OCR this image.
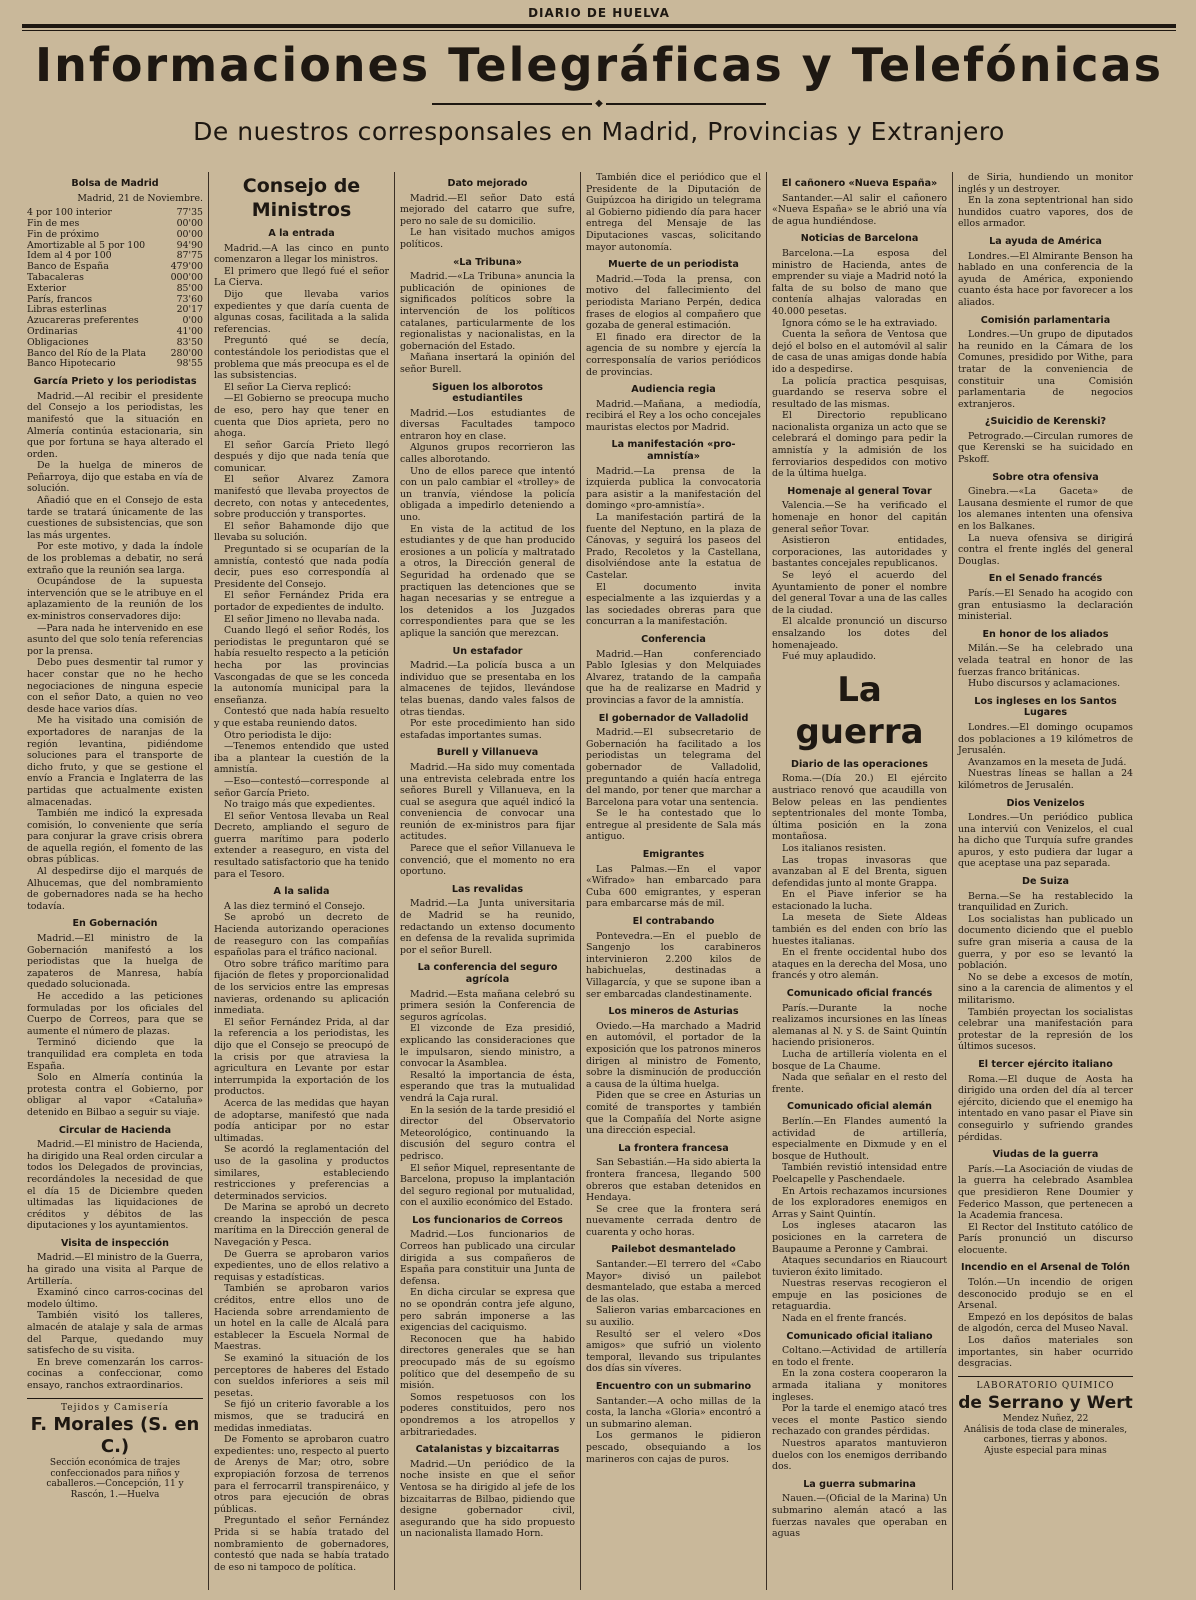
DIARIO DE HUELVA
Informaciones Telegráficas y Telefónicas
◆
De nuestros corresponsales en Madrid, Provincias y Extranjero
Bolsa de Madrid
Madrid, 21 de Noviembre.
4 por 100 interior	77'35
Fin de mes	00'00
Fin de próximo	00'00
Amortizable al 5 por 100	94'90
Idem al 4 por 100	87'75
Banco de España	479'00
Tabacaleras	000'00
Exterior	85'00
París, francos	73'60
Libras esterlinas	20'17
Azucareras preferentes	0'00
Ordinarias	41'00
Obligaciones	83'50
Banco del Río de la Plata	280'00
Banco Hipotecario	98'55
García Prieto y los periodistas

Madrid.—Al recibir el presidente del Consejo a los periodistas, les manifestó que la situación en Almería continúa estacionaria, sin que por fortuna se haya alterado el orden.

De la huelga de mineros de Peñarroya, dijo que estaba en vía de solución.

Añadió que en el Consejo de esta tarde se tratará únicamente de las cuestiones de subsistencias, que son las más urgentes.

Por este motivo, y dada la índole de los problemas a debatir, no será extraño que la reunión sea larga.

Ocupándose de la supuesta intervención que se le atribuye en el aplazamiento de la reunión de los ex-ministros conservadores dijo:

—Para nada he intervenido en ese asunto del que solo tenía referencias por la prensa.

Debo pues desmentir tal rumor y hacer constar que no he hecho negociaciones de ninguna especie con el señor Dato, a quien no veo desde hace varios días.

Me ha visitado una comisión de exportadores de naranjas de la región levantina, pidiéndome soluciones para el transporte de dicho fruto, y que se gestione el envío a Francia e Inglaterra de las partidas que actualmente existen almacenadas.

También me indicó la expresada comisión, lo conveniente que sería para conjurar la grave crisis obrera de aquella región, el fomento de las obras públicas.

Al despedirse dijo el marqués de Alhucemas, que del nombramiento de gobernadores nada se ha hecho todavía.

En Gobernación

Madrid.—El ministro de la Gobernación manifestó a los periodistas que la huelga de zapateros de Manresa, había quedado solucionada.

He accedido a las peticiones formuladas por los oficiales del Cuerpo de Correos, para que se aumente el número de plazas.

Terminó diciendo que la tranquilidad era completa en toda España.

Solo en Almería continúa la protesta contra el Gobierno, por obligar al vapor «Cataluña» detenido en Bilbao a seguir su viaje.

Circular de Hacienda

Madrid.—El ministro de Hacienda, ha dirigido una Real orden circular a todos los Delegados de provincias, recordándoles la necesidad de que el día 15 de Diciembre queden ultimadas las liquidaciones de créditos y débitos de las diputaciones y los ayuntamientos.

Visita de inspección

Madrid.—El ministro de la Guerra, ha girado una visita al Parque de Artillería.

Examinó cinco carros-cocinas del modelo último.

También visitó los talleres, almacén de atalaje y sala de armas del Parque, quedando muy satisfecho de su visita.

En breve comenzarán los carros-cocinas a confeccionar, como ensayo, ranchos extraordinarios.

Tejidos y Camisería
F. Morales (S. en C.)
Sección económica de trajes confeccionados para niños y caballeros.—Concepción, 11 y Rascón, 1.—Huelva
Consejo de Ministros
A la entrada

Madrid.—A las cinco en punto comenzaron a llegar los ministros.

El primero que llegó fué el señor La Cierva.

Dijo que llevaba varios expedientes y que daría cuenta de algunas cosas, facilitada a la salida referencias.

Preguntó qué se decía, contestándole los periodistas que el problema que más preocupa es el de las subsistencias.

El señor La Cierva replicó:

—El Gobierno se preocupa mucho de eso, pero hay que tener en cuenta que Dios aprieta, pero no ahoga.

El señor García Prieto llegó después y dijo que nada tenía que comunicar.

El señor Alvarez Zamora manifestó que llevaba proyectos de decreto, con notas y antecedentes, sobre producción y transportes.

El señor Bahamonde dijo que llevaba su solución.

Preguntado si se ocuparían de la amnistía, contestó que nada podía decir, pues eso correspondía al Presidente del Consejo.

El señor Fernández Prida era portador de expedientes de indulto.

El señor Jimeno no llevaba nada.

Cuando llegó el señor Rodés, los periodistas le preguntaron qué se había resuelto respecto a la petición hecha por las provincias Vascongadas de que se les conceda la autonomía municipal para la enseñanza.

Contestó que nada había resuelto y que estaba reuniendo datos.

Otro periodista le dijo:

—Tenemos entendido que usted iba a plantear la cuestión de la amnistía.

—Eso—contestó—corresponde al señor García Prieto.

No traigo más que expedientes.

El señor Ventosa llevaba un Real Decreto, ampliando el seguro de guerra marítimo para poderlo extender a reaseguro, en vista del resultado satisfactorio que ha tenido para el Tesoro.

A la salida

A las diez terminó el Consejo.

Se aprobó un decreto de Hacienda autorizando operaciones de reaseguro con las compañías españolas para el tráfico nacional.

Otro sobre tráfico marítimo para fijación de fletes y proporcionalidad de los servicios entre las empresas navieras, ordenando su aplicación inmediata.

El señor Fernández Prida, al dar la referencia a los periodistas, les dijo que el Consejo se preocupó de la crisis por que atraviesa la agricultura en Levante por estar interrumpida la exportación de los productos.

Acerca de las medidas que hayan de adoptarse, manifestó que nada podía anticipar por no estar ultimadas.

Se acordó la reglamentación del uso de la gasolina y productos similares, estableciendo restricciones y preferencias a determinados servicios.

De Marina se aprobó un decreto creando la inspección de pesca marítima en la Dirección general de Navegación y Pesca.

De Guerra se aprobaron varios expedientes, uno de ellos relativo a requisas y estadísticas.

También se aprobaron varios créditos, entre ellos uno de Hacienda sobre arrendamiento de un hotel en la calle de Alcalá para establecer la Escuela Normal de Maestras.

Se examinó la situación de los perceptores de haberes del Estado con sueldos inferiores a seis mil pesetas.

Se fijó un criterio favorable a los mismos, que se traducirá en medidas inmediatas.

De Fomento se aprobaron cuatro expedientes: uno, respecto al puerto de Arenys de Mar; otro, sobre expropiación forzosa de terrenos para el ferrocarril transpirenáico, y otros para ejecución de obras públicas.

Preguntado el señor Fernández Prida si se había tratado del nombramiento de gobernadores, contestó que nada se había tratado de eso ni tampoco de política.

Dato mejorado

Madrid.—El señor Dato está mejorado del catarro que sufre, pero no sale de su domicilio.

Le han visitado muchos amigos políticos.

«La Tribuna»

Madrid.—«La Tribuna» anuncia la publicación de opiniones de significados políticos sobre la intervención de los políticos catalanes, particularmente de los regionalistas y nacionalistas, en la gobernación del Estado.

Mañana insertará la opinión del señor Burell.

Siguen los alborotos estudiantiles

Madrid.—Los estudiantes de diversas Facultades tampoco entraron hoy en clase.

Algunos grupos recorrieron las calles alborotando.

Uno de ellos parece que intentó con un palo cambiar el «trolley» de un tranvía, viéndose la policía obligada a impedirlo deteniendo a uno.

En vista de la actitud de los estudiantes y de que han producido erosiones a un policía y maltratado a otros, la Dirección general de Seguridad ha ordenado que se practiquen las detenciones que se hagan necesarias y se entregue a los detenidos a los Juzgados correspondientes para que se les aplique la sanción que merezcan.

Un estafador

Madrid.—La policía busca a un individuo que se presentaba en los almacenes de tejidos, llevándose telas buenas, dando vales falsos de otras tiendas.

Por este procedimiento han sido estafadas importantes sumas.

Burell y Villanueva

Madrid.—Ha sido muy comentada una entrevista celebrada entre los señores Burell y Villanueva, en la cual se asegura que aquél indicó la conveniencia de convocar una reunión de ex-ministros para fijar actitudes.

Parece que el señor Villanueva le convenció, que el momento no era oportuno.

Las revalidas

Madrid.—La Junta universitaria de Madrid se ha reunido, redactando un extenso documento en defensa de la revalida suprimida por el señor Burell.

La conferencia del seguro agrícola

Madrid.—Esta mañana celebró su primera sesión la Conferencia de seguros agrícolas.

El vizconde de Eza presidió, explicando las consideraciones que le impulsaron, siendo ministro, a convocar la Asamblea.

Resaltó la importancia de ésta, esperando que tras la mutualidad vendrá la Caja rural.

En la sesión de la tarde presidió el director del Observatorio Meteorológico, continuando la discusión del seguro contra el pedrisco.

El señor Miquel, representante de Barcelona, propuso la implantación del seguro regional por mutualidad, con el auxilio económico del Estado.

Los funcionarios de Correos

Madrid.—Los funcionarios de Correos han publicado una circular dirigida a sus compañeros de España para constituir una Junta de defensa.

En dicha circular se expresa que no se opondrán contra jefe alguno, pero sabrán imponerse a las exigencias del caciquismo.

Reconocen que ha habido directores generales que se han preocupado más de su egoísmo político que del desempeño de su misión.

Somos respetuosos con los poderes constituidos, pero nos opondremos a los atropellos y arbitrariedades.

Catalanistas y bizcaitarras

Madrid.—Un periódico de la noche insiste en que el señor Ventosa se ha dirigido al jefe de los bizcaitarras de Bilbao, pidiendo que designe gobernador civil, asegurando que ha sido propuesto un nacionalista llamado Horn.

También dice el periódico que el Presidente de la Diputación de Guipúzcoa ha dirigido un telegrama al Gobierno pidiendo día para hacer entrega del Mensaje de las Diputaciones vascas, solicitando mayor autonomía.

Muerte de un periodista

Madrid.—Toda la prensa, con motivo del fallecimiento del periodista Mariano Perpén, dedica frases de elogios al compañero que gozaba de general estimación.

El finado era director de la agencia de su nombre y ejercía la corresponsalía de varios periódicos de provincias.

Audiencia regia

Madrid.—Mañana, a mediodía, recibirá el Rey a los ocho concejales mauristas electos por Madrid.

La manifestación «pro-amnistía»

Madrid.—La prensa de la izquierda publica la convocatoria para asistir a la manifestación del domingo «pro-amnistía».

La manifestación partirá de la fuente del Neptuno, en la plaza de Cánovas, y seguirá los paseos del Prado, Recoletos y la Castellana, disolviéndose ante la estatua de Castelar.

El documento invita especialmente a las izquierdas y a las sociedades obreras para que concurran a la manifestación.

Conferencia

Madrid.—Han conferenciado Pablo Iglesias y don Melquiades Alvarez, tratando de la campaña que ha de realizarse en Madrid y provincias a favor de la amnistía.

El gobernador de Valladolid

Madrid.—El subsecretario de Gobernación ha facilitado a los periodistas un telegrama del gobernador de Valladolid, preguntando a quién hacía entrega del mando, por tener que marchar a Barcelona para votar una sentencia.

Se le ha contestado que lo entregue al presidente de Sala más antiguo.

Emigrantes

Las Palmas.—En el vapor «Wifrado» han embarcado para Cuba 600 emigrantes, y esperan para embarcarse más de mil.

El contrabando

Pontevedra.—En el pueblo de Sangenjo los carabineros intervinieron 2.200 kilos de habichuelas, destinadas a Villagarcía, y que se supone iban a ser embarcadas clandestinamente.

Los mineros de Asturias

Oviedo.—Ha marchado a Madrid en automóvil, el portador de la exposición que los patronos mineros dirigen al ministro de Fomento, sobre la disminución de producción a causa de la última huelga.

Piden que se cree en Asturias un comité de transportes y también que la Compañía del Norte asigne una dirección especial.

La frontera francesa

San Sebastián.—Ha sido abierta la frontera francesa, llegando 500 obreros que estaban detenidos en Hendaya.

Se cree que la frontera será nuevamente cerrada dentro de cuarenta y ocho horas.

Pailebot desmantelado

Santander.—El terrero del «Cabo Mayor» divisó un pailebot desmantelado, que estaba a merced de las olas.

Salieron varias embarcaciones en su auxilio.

Resultó ser el velero «Dos amigos» que sufrió un violento temporal, llevando sus tripulantes dos días sin víveres.

Encuentro con un submarino

Santander.—A ocho millas de la costa, la lancha «Gloria» encontró a un submarino aleman.

Los germanos le pidieron pescado, obsequiando a los marineros con cajas de puros.

El cañonero «Nueva España»

Santander.—Al salir el cañonero «Nueva España» se le abrió una vía de agua hundiéndose.

Noticias de Barcelona

Barcelona.—La esposa del ministro de Hacienda, antes de emprender su viaje a Madrid notó la falta de su bolso de mano que contenía alhajas valoradas en 40.000 pesetas.

Ignora cómo se le ha extraviado.

Cuenta la señora de Ventosa que dejó el bolso en el automóvil al salir de casa de unas amigas donde había ido a despedirse.

La policía practica pesquisas, guardando se reserva sobre el resultado de las mismas.

El Directorio republicano nacionalista organiza un acto que se celebrará el domingo para pedir la amnistía y la admisión de los ferroviarios despedidos con motivo de la última huelga.

Homenaje al general Tovar

Valencia.—Se ha verificado el homenaje en honor del capitán general señor Tovar.

Asistieron entidades, corporaciones, las autoridades y bastantes concejales republicanos.

Se leyó el acuerdo del Ayuntamiento de poner el nombre del general Tovar a una de las calles de la ciudad.

El alcalde pronunció un discurso ensalzando los dotes del homenajeado.

Fué muy aplaudido.

La guerra
Diario de las operaciones

Roma.—(Día 20.) El ejército austriaco renovó que acaudilla von Below peleas en las pendientes septentrionales del monte Tomba, última posición en la zona montañosa.

Los italianos resisten.

Las tropas invasoras que avanzaban al E del Brenta, siguen defendidas junto al monte Grappa.

En el Piave inferior se ha estacionado la lucha.

La meseta de Siete Aldeas también es del enden con brío las huestes italianas.

En el frente occidental hubo dos ataques en la derecha del Mosa, uno francés y otro alemán.

Comunicado oficial francés

París.—Durante la noche realizamos incursiones en las líneas alemanas al N. y S. de Saint Quintín haciendo prisioneros.

Lucha de artillería violenta en el bosque de La Chaume.

Nada que señalar en el resto del frente.

Comunicado oficial alemán

Berlín.—En Flandes aumentó la actividad de artillería, especialmente en Dixmude y en el bosque de Huthoult.

También revistió intensidad entre Poelcapelle y Paschendaele.

En Artois rechazamos incursiones de los exploradores enemigos en Arras y Saint Quintín.

Los ingleses atacaron las posiciones en la carretera de Baupaume a Peronne y Cambrai.

Ataques secundarios en Riaucourt tuvieron éxito limitado.

Nuestras reservas recogieron el empuje en las posiciones de retaguardia.

Nada en el frente francés.

Comunicado oficial italiano

Coltano.—Actividad de artillería en todo el frente.

En la zona costera cooperaron la armada italiana y monitores ingleses.

Por la tarde el enemigo atacó tres veces el monte Pastico siendo rechazado con grandes pérdidas.

Nuestros aparatos mantuvieron duelos con los enemigos derribando dos.

La guerra submarina

Nauen.—(Oficial de la Marina) Un submarino alemán atacó a las fuerzas navales que operaban en aguas

de Siria, hundiendo un monitor inglés y un destroyer.

En la zona septentrional han sido hundidos cuatro vapores, dos de ellos armador.

La ayuda de América

Londres.—El Almirante Benson ha hablado en una conferencia de la ayuda de América, exponiendo cuanto ésta hace por favorecer a los aliados.

Comisión parlamentaria

Londres.—Un grupo de diputados ha reunido en la Cámara de los Comunes, presidido por Withe, para tratar de la conveniencia de constituir una Comisión parlamentaria de negocios extranjeros.

¿Suicidio de Kerenski?

Petrogrado.—Circulan rumores de que Kerenski se ha suicidado en Pskoff.

Sobre otra ofensiva

Ginebra.—«La Gaceta» de Lausana desmiente el rumor de que los alemanes intenten una ofensiva en los Balkanes.

La nueva ofensiva se dirigirá contra el frente inglés del general Douglas.

En el Senado francés

París.—El Senado ha acogido con gran entusiasmo la declaración ministerial.

En honor de los aliados

Milán.—Se ha celebrado una velada teatral en honor de las fuerzas franco británicas.

Hubo discursos y aclamaciones.

Los ingleses en los Santos Lugares

Londres.—El domingo ocupamos dos poblaciones a 19 kilómetros de Jerusalén.

Avanzamos en la meseta de Judá.

Nuestras líneas se hallan a 24 kilómetros de Jerusalén.

Dios Venizelos

Londres.—Un periódico publica una interviú con Venizelos, el cual ha dicho que Turquía sufre grandes apuros, y esto pudiera dar lugar a que aceptase una paz separada.

De Suiza

Berna.—Se ha restablecido la tranquilidad en Zurich.

Los socialistas han publicado un documento diciendo que el pueblo sufre gran miseria a causa de la guerra, y por eso se levantó la población.

No se debe a excesos de motín, sino a la carencia de alimentos y el militarismo.

También proyectan los socialistas celebrar una manifestación para protestar de la represión de los últimos sucesos.

El tercer ejército italiano

Roma.—El duque de Aosta ha dirigido una orden del día al tercer ejército, diciendo que el enemigo ha intentado en vano pasar el Piave sin conseguirlo y sufriendo grandes pérdidas.

Viudas de la guerra

París.—La Asociación de viudas de la guerra ha celebrado Asamblea que presidieron Rene Doumier y Federico Masson, que pertenecen a la Academia francesa.

El Rector del Instituto católico de París pronunció un discurso elocuente.

Incendio en el Arsenal de Tolón

Tolón.—Un incendio de origen desconocido produjo se en el Arsenal.

Empezó en los depósitos de balas de algodón, cerca del Museo Naval.

Los daños materiales son importantes, sin haber ocurrido desgracias.

LABORATORIO QUIMICO
de Serrano y Wert
Mendez Nuñez, 22
Análisis de toda clase de minerales, carbones, tierras y abonos.
Ajuste especial para minas
